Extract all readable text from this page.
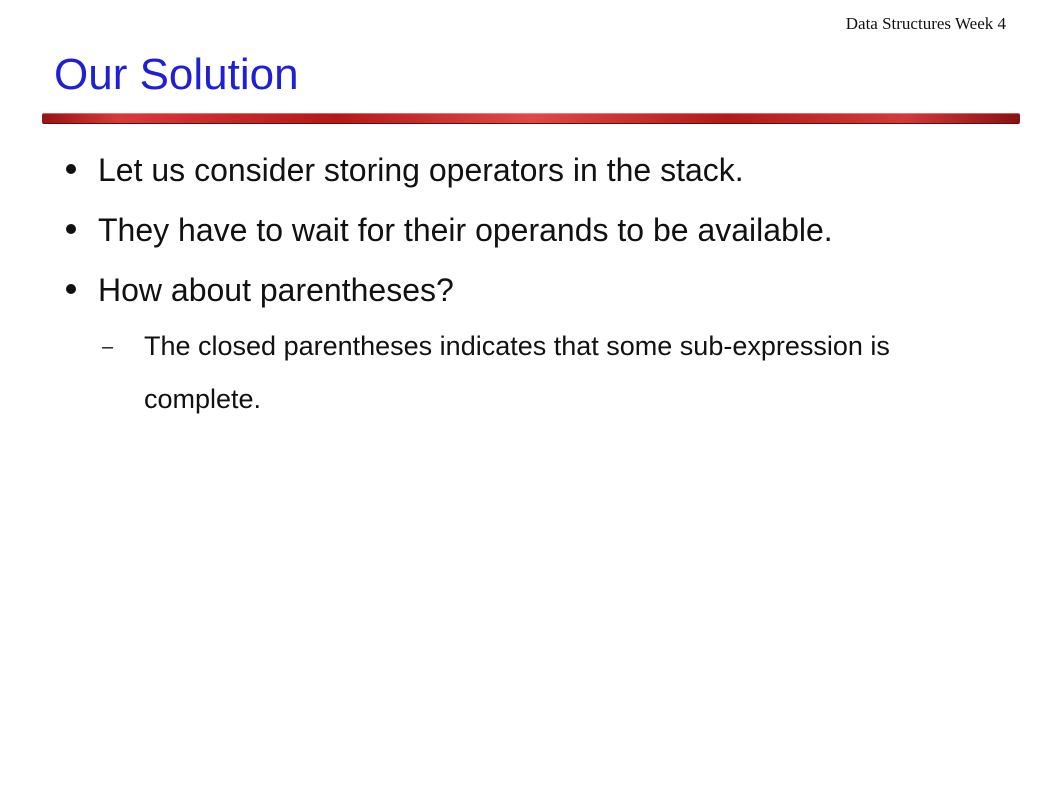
Data Structures Week 4
Our Solution
Let us consider storing operators in the stack.
They have to wait for their operands to be available.
How about parentheses?
– The closed parentheses indicates that some sub-expression is complete.
